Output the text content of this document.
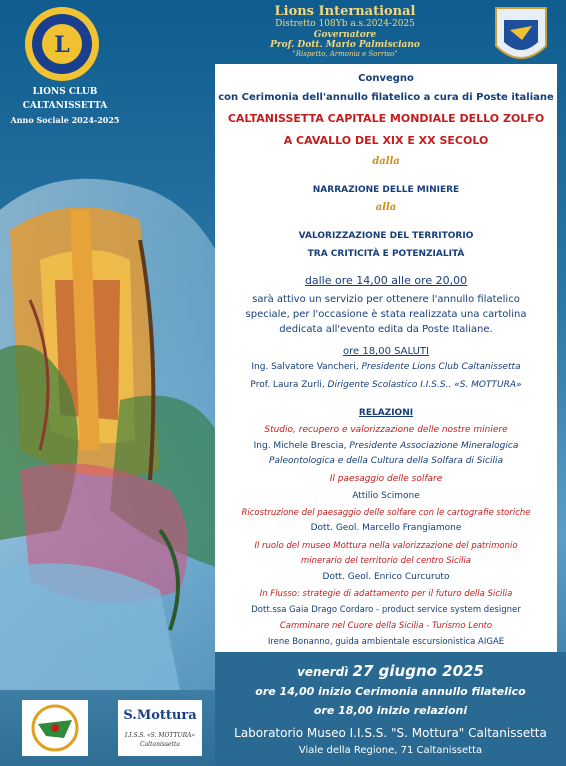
L
LIONS CLUB
CALTANISSETTA
Anno Sociale 2024-2025
Lions International
Distretto 108Yb a.s.2024-2025
Governatore
Prof. Dott. Mario Palmisciano
"Rispetto, Armonia e Sorriso"
Convegno
con Cerimonia dell'annullo filatelico a cura di Poste italiane
CALTANISSETTA CAPITALE MONDIALE DELLO ZOLFO
A CAVALLO DEL XIX E XX SECOLO
dalla
NARRAZIONE DELLE MINIERE
alla
VALORIZZAZIONE DEL TERRITORIO
TRA CRITICITÀ E POTENZIALITÀ
dalle ore 14,00 alle ore 20,00
sarà attivo un servizio per ottenere l'annullo filatelico
speciale, per l'occasione è stata realizzata una cartolina
dedicata all'evento edita da Poste Italiane.
ore 18,00 SALUTI
Ing. Salvatore Vancheri, Presidente Lions Club Caltanissetta
Prof. Laura Zurli, Dirigente Scolastico I.I.S.S.. «S. MOTTURA»
RELAZIONI
Studio, recupero e valorizzazione delle nostre miniere
Ing. Michele Brescia, Presidente Associazione Mineralogica
Paleontologica e della Cultura della Solfara di Sicilia
Il paesaggio delle solfare
Attilio Scimone
Ricostruzione del paesaggio delle solfare con le cartografie storiche
Dott. Geol. Marcello Frangiamone
Il ruolo del museo Mottura nella valorizzazione del patrimonio
minerario del territorio del centro Sicilia
Dott. Geol. Enrico Curcuruto
In Flusso: strategie di adattamento per il futuro della Sicilia
Dott.ssa Gaia Drago Cordaro - product service system designer
Camminare nel Cuore della Sicilia - Turismo Lento
Irene Bonanno, guida ambientale escursionistica AIGAE
venerdì 27 giugno 2025
ore 14,00 inizio Cerimonia annullo filatelico
ore 18,00 inizio relazioni
Laboratorio Museo I.I.S.S. "S. Mottura" Caltanissetta
Viale della Regione, 71 Caltanissetta
S.Mottura
I.I.S.S. «S. MOTTURA»
Caltanissetta
